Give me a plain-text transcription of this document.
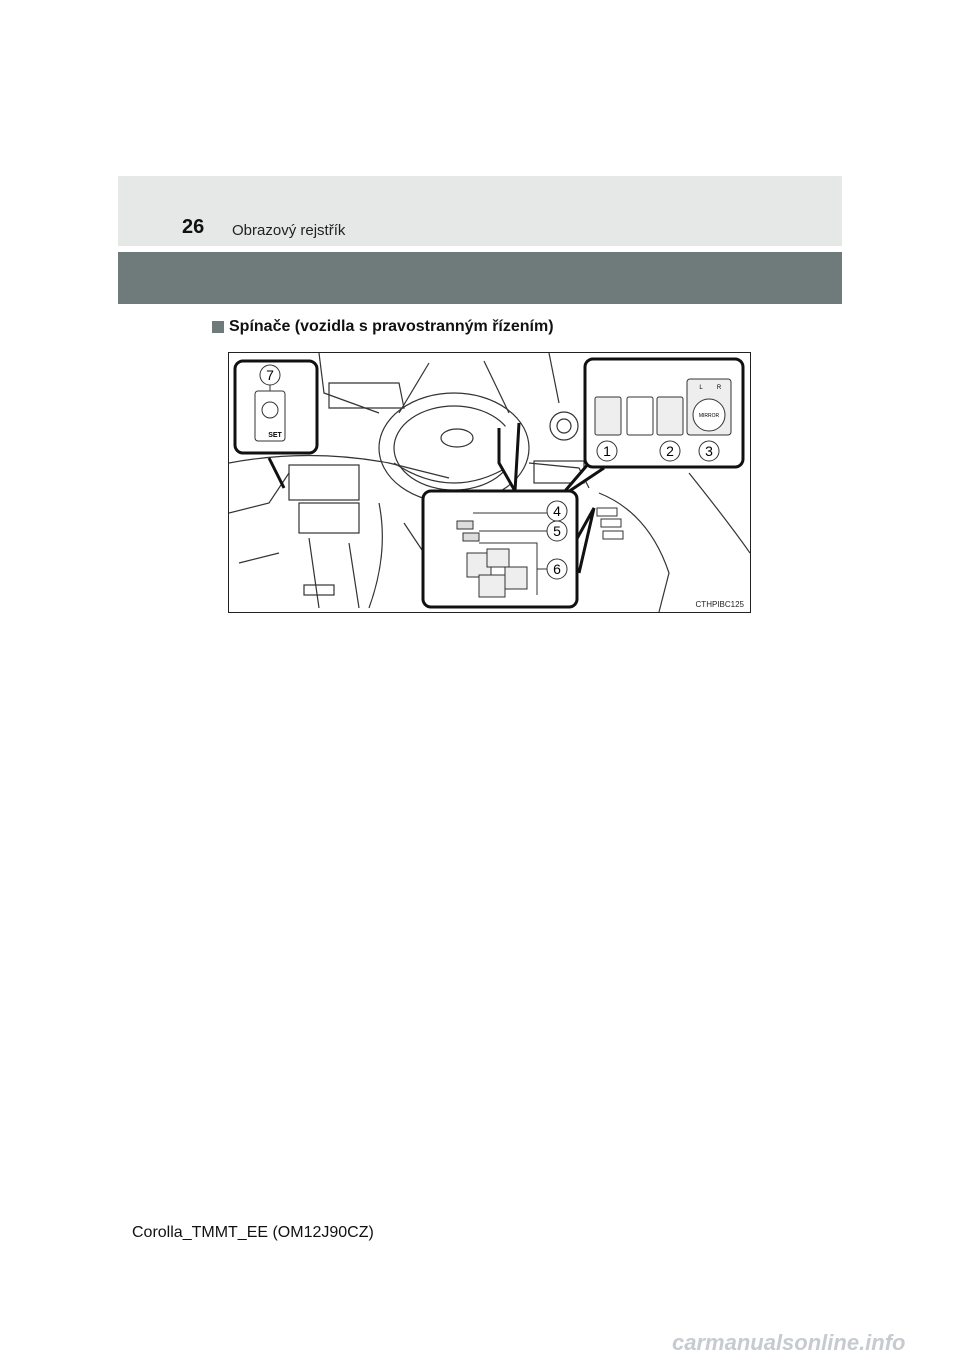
26 Obrazový rejstřík
Spínače (vozidla s pravostranným řízením)
7
1	2 3
4
5
6
SET
MIRROR
L R
CTHPIBC125
Corolla_TMMT_EE (OM12J90CZ)
carmanualsonline.info
